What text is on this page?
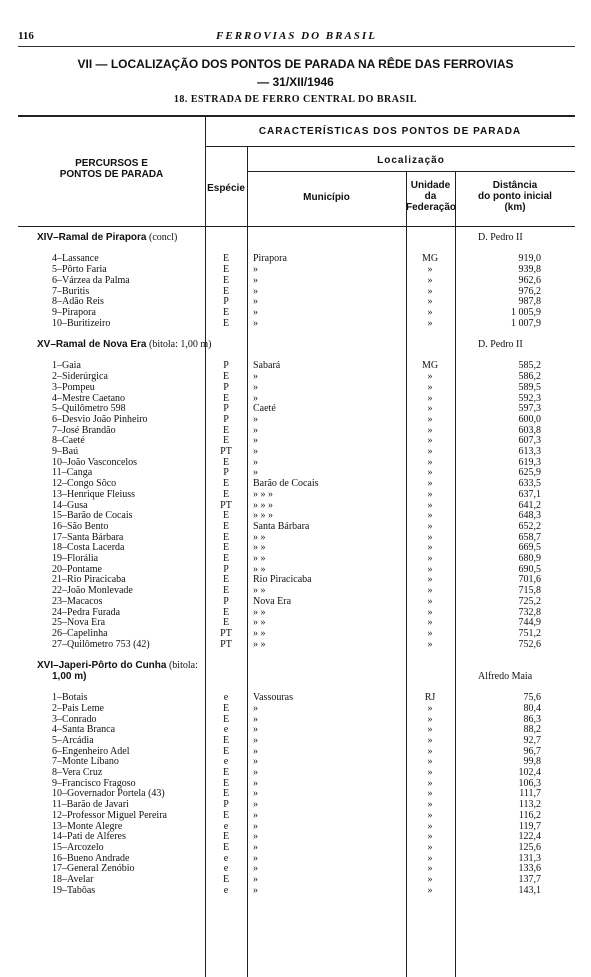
116	FERROVIAS DO BRASIL
VII — LOCALIZAÇÃO DOS PONTOS DE PARADA NA RÊDE DAS FERROVIAS
— 31/XII/1946
18. ESTRADA DE FERRO CENTRAL DO BRASIL
CARACTERÍSTICAS DOS PONTOS DE PARADA
PERCURSOS E
PONTOS DE PARADA
Localização
Espécie
Município
Unidade
da
Federação
Distância
do ponto inicial
(km)
XIV–Ramal de Pirapora (concl)	D. Pedro II
4–Lassance	E	Pirapora	MG	919,0
5–Pôrto Faria	E	»	»	939,8
6–Várzea da Palma	E	»	»	962,6
7–Buritis	E	»	»	976,2
8–Adão Reis	P	»	»	987,8
9–Pirapora	E	»	»	1 005,9
10–Buritizeiro	E	»	»	1 007,9
XV–Ramal de Nova Era (bitola: 1,00 m)	D. Pedro II
1–Gaia	P	Sabará	MG	585,2
2–Siderúrgica	E	»	»	586,2
3–Pompeu	P	»	»	589,5
4–Mestre Caetano	E	»	»	592,3
5–Quilômetro 598	P	Caeté	»	597,3
6–Desvio João Pinheiro	P	»	»	600,0
7–José Brandão	E	»	»	603,8
8–Caeté	E	»	»	607,3
9–Baú	PT	»	»	613,3
10–João Vasconcelos	E	»	»	619,3
11–Canga	P	»	»	625,9
12–Congo Sôco	E	Barão de Cocais	»	633,5
13–Henrique Fleiuss	E	» » »	»	637,1
14–Gusa	PT	» » »	»	641,2
15–Barão de Cocais	E	» » »	»	648,3
16–São Bento	E	Santa Bárbara	»	652,2
17–Santa Bárbara	E	» »	»	658,7
18–Costa Lacerda	E	» »	»	669,5
19–Florália	E	» »	»	680,9
20–Pontame	P	» »	»	690,5
21–Rio Piracicaba	E	Rio Piracicaba	»	701,6
22–João Monlevade	E	» »	»	715,8
23–Macacos	P	Nova Era	»	725,2
24–Pedra Furada	E	» »	»	732,8
25–Nova Era	E	» »	»	744,9
26–Capelinha	PT	» »	»	751,2
27–Quilômetro 753 (42)	PT	» »	»	752,6
XVI–Japeri-Pôrto do Cunha (bitola:
1,00 m)	Alfredo Maia
1–Botais	e	Vassouras	RJ	75,6
2–Pais Leme	E	»	»	80,4
3–Conrado	E	»	»	86,3
4–Santa Branca	e	»	»	88,2
5–Arcádia	E	»	»	92,7
6–Engenheiro Adel	E	»	»	96,7
7–Monte Líbano	e	»	»	99,8
8–Vera Cruz	E	»	»	102,4
9–Francisco Fragoso	E	»	»	106,3
10–Governador Portela (43)	E	»	»	111,7
11–Barão de Javari	P	»	»	113,2
12–Professor Miguel Pereira	E	»	»	116,2
13–Monte Alegre	e	»	»	119,7
14–Pati de Alferes	E	»	»	122,4
15–Arcozelo	E	»	»	125,6
16–Bueno Andrade	e	»	»	131,3
17–General Zenóbio	e	»	»	133,6
18–Avelar	E	»	»	137,7
19–Tabôas	e	»	»	143,1
